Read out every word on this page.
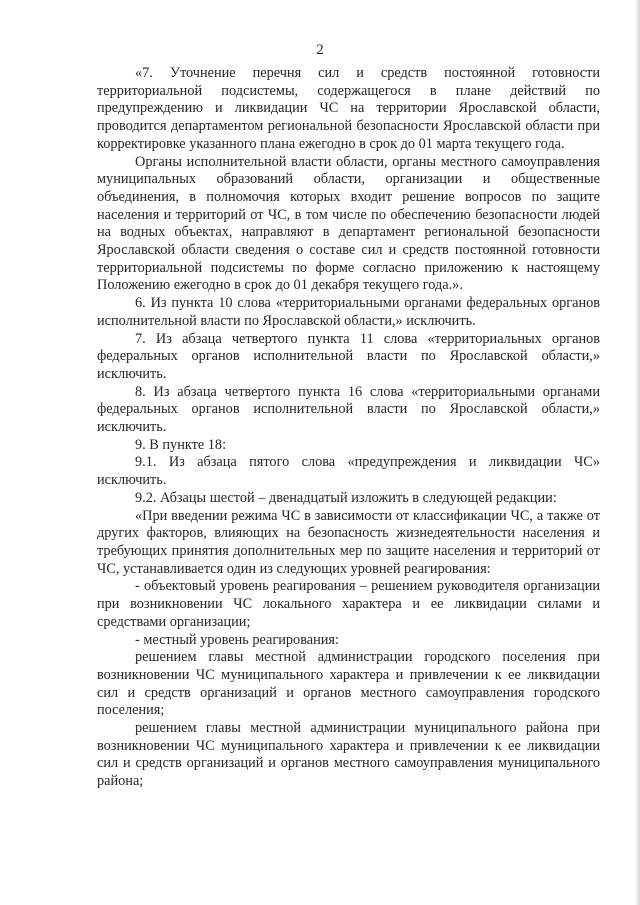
2

«7. Уточнение перечня сил и средств постоянной готовности территориальной подсистемы, содержащегося в плане действий по предупреждению и ликвидации ЧС на территории Ярославской области, проводится департаментом региональной безопасности Ярославской области при корректировке указанного плана ежегодно в срок до 01 марта текущего года.

Органы исполнительной власти области, органы местного самоуправления муниципальных образований области, организации и общественные объединения, в полномочия которых входит решение вопросов по защите населения и территорий от ЧС, в том числе по обеспечению безопасности людей на водных объектах, направляют в департамент региональной безопасности Ярославской области сведения о составе сил и средств постоянной готовности территориальной подсистемы по форме согласно приложению к настоящему Положению ежегодно в срок до 01 декабря текущего года.».

6. Из пункта 10 слова «территориальными органами федеральных органов исполнительной власти по Ярославской области,» исключить.

7. Из абзаца четвертого пункта 11 слова «территориальных органов федеральных органов исполнительной власти по Ярославской области,» исключить.

8. Из абзаца четвертого пункта 16 слова «территориальными органами федеральных органов исполнительной власти по Ярославской области,» исключить.

9. В пункте 18:

9.1. Из абзаца пятого слова «предупреждения и ликвидации ЧС» исключить.

9.2. Абзацы шестой – двенадцатый изложить в следующей редакции:

«При введении режима ЧС в зависимости от классификации ЧС, а также от других факторов, влияющих на безопасность жизнедеятельности населения и требующих принятия дополнительных мер по защите населения и территорий от ЧС, устанавливается один из следующих уровней реагирования:

- объектовый уровень реагирования – решением руководителя организации при возникновении ЧС локального характера и ее ликвидации силами и средствами организации;

- местный уровень реагирования:

решением главы местной администрации городского поселения при возникновении ЧС муниципального характера и привлечении к ее ликвидации сил и средств организаций и органов местного самоуправления городского поселения;

решением главы местной администрации муниципального района при возникновении ЧС муниципального характера и привлечении к ее ликвидации сил и средств организаций и органов местного самоуправления муниципального района;
